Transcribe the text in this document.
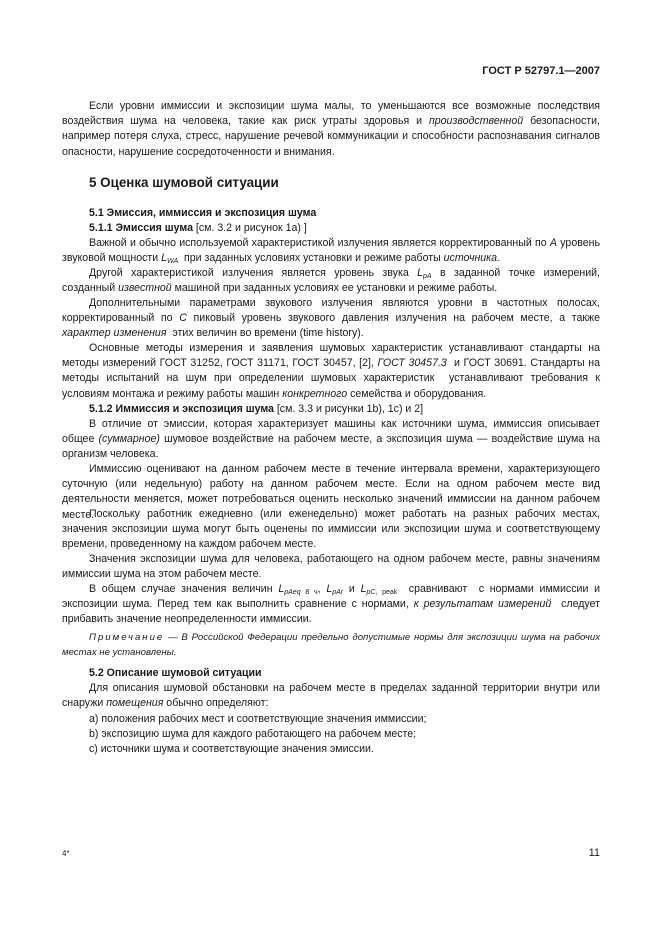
ГОСТ Р 52797.1—2007

Если уровни иммиссии и экспозиции шума малы, то уменьшаются все возможные последствия воздействия шума на человека, такие как риск утраты здоровья и производственной безопасности, например потеря слуха, стресс, нарушение речевой коммуникации и способности распознавания сигналов опасности, нарушение сосредоточенности и внимания.

5 Оценка шумовой ситуации
5.1 Эмиссия, иммиссия и экспозиция шума
5.1.1 Эмиссия шума [см. 3.2 и рисунок 1а) ]

Важной и обычно используемой характеристикой излучения является корректированный по А уровень звуковой мощности $L_{WA}$  при заданных условиях установки и режиме работы источника.

Другой характеристикой излучения является уровень звука $L_{pA}$ в заданной точке измерений, созданный известной машиной при заданных условиях ее установки и режиме работы.

Дополнительными параметрами звукового излучения являются уровни в частотных полосах, корректированный по С пиковый уровень звукового давления излучения на рабочем месте, а также характер изменения  этих величин во времени (time history).

Основные методы измерения и заявления шумовых характеристик устанавливают стандарты на методы измерений ГОСТ 31252, ГОСТ 31171, ГОСТ 30457, [2], ГОСТ 30457.3  и ГОСТ 30691. Стандарты на методы испытаний на шум при определении шумовых характеристик  устанавливают требования к условиям монтажа и режиму работы машин конкретного семейства и оборудования.

5.1.2 Иммиссия и экспозиция шума [см. 3.3 и рисунки 1b), 1c) и 2]

В отличие от эмиссии, которая характеризует машины как источники шума, иммиссия описывает общее (суммарное) шумовое воздействие на рабочем месте, а экспозиция шума — воздействие шума на организм человека.

Иммиссию оценивают на данном рабочем месте в течение интервала времени, характеризующего суточную (или недельную) работу на данном рабочем месте. Если на одном рабочем месте вид деятельности меняется, может потребоваться оценить несколько значений иммиссии на данном рабочем месте.

Поскольку работник ежедневно (или еженедельно) может работать на разных рабочих местах, значения экспозиции шума могут быть оценены по иммиссии или экспозиции шума и соответствующему времени, проведенному на каждом рабочем месте.

Значения экспозиции шума для человека, работающего на одном рабочем месте, равны значениям иммиссии шума на этом рабочем месте.

В общем случае значения величин $L_{pAeq 8 ч}$, $L_{pAr}$ и $L_{pC, peak}$  сравнивают  с нормами иммиссии и экспозиции шума. Перед тем как выполнить сравнение с нормами, к результатам измерений  следует прибавить значение неопределенности иммиссии.

Примечание — В Российской Федерации предельно допустимые нормы для экспозиции шума на рабочих местах не установлены.

5.2 Описание шумовой ситуации

Для описания шумовой обстановки на рабочем месте в пределах заданной территории внутри или снаружи помещения обычно определяют:

а) положения рабочих мест и соответствующие значения иммиссии;
b) экспозицию шума для каждого работающего на рабочем месте;
c) источники шума и соответствующие значения эмиссии.
4*	11
